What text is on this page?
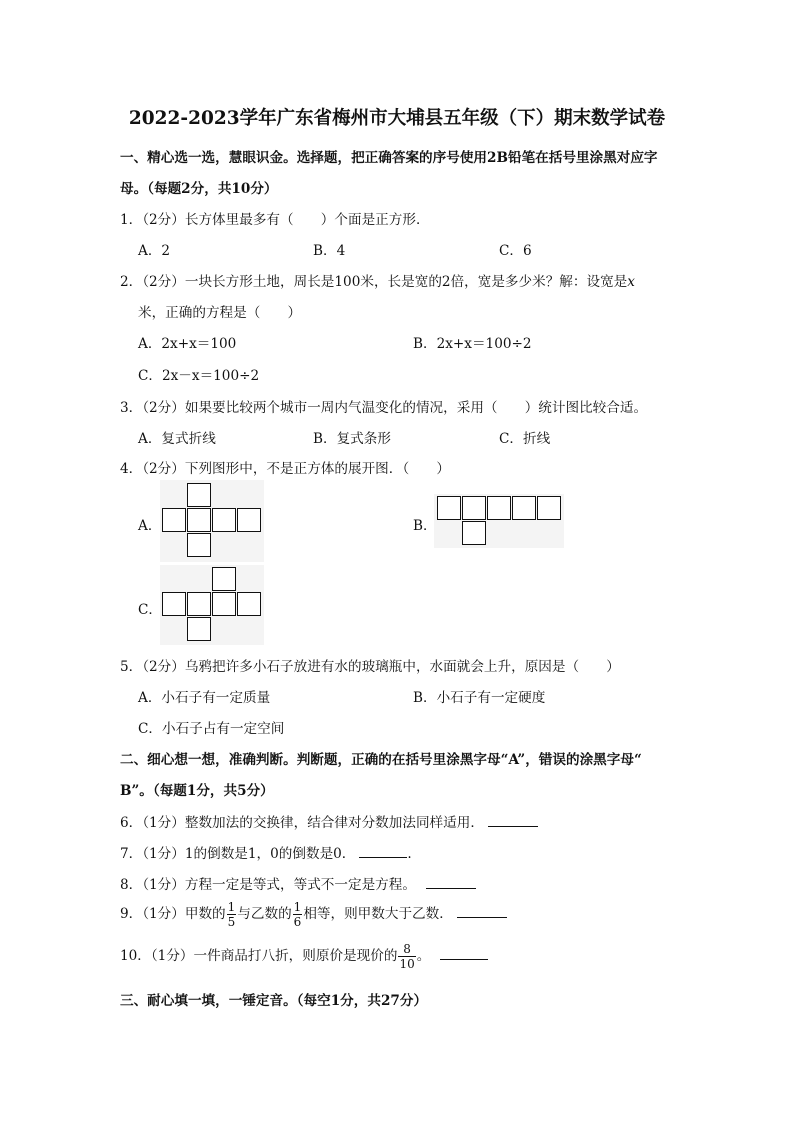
2022-2023学年广东省梅州市大埔县五年级（下）期末数学试卷
一、精心选一选，慧眼识金。选择题，把正确答案的序号使用2B铅笔在括号里涂黑对应字
母。（每题2分，共10分）
1．（2分）长方体里最多有（　　）个面是正方形．
A．2	B．4	C．6
2．（2分）一块长方形土地，周长是100米，长是宽的2倍，宽是多少米？解：设宽是x
米，正确的方程是（　　）
A．2x+x＝100	B．2x+x＝100÷2
C．2x－x＝100÷2
3．（2分）如果要比较两个城市一周内气温变化的情况，采用（　　）统计图比较合适。
A．复式折线	B．复式条形	C．折线
4．（2分）下列图形中，不是正方体的展开图．（　　）
A．	B．
C．
5．（2分）乌鸦把许多小石子放进有水的玻璃瓶中，水面就会上升，原因是（　　）
A．小石子有一定质量	B．小石子有一定硬度
C．小石子占有一定空间
二、细心想一想，准确判断。判断题，正确的在括号里涂黑字母“A”，错误的涂黑字母“
B”。（每题1分，共5分）
6．（1分）整数加法的交换律，结合律对分数加法同样适用．
7．（1分）1的倒数是1，0的倒数是0．	.
8．（1分）方程一定是等式，等式不一定是方程。
9．（1分）甲数的 $\frac{1}{5}$ 与乙数的 $\frac{1}{6}$ 相等，则甲数大于乙数．
10．（1分）一件商品打八折，则原价是现价的 $\frac{8}{10}$ 。
三、耐心填一填，一锤定音。（每空1分，共27分）
